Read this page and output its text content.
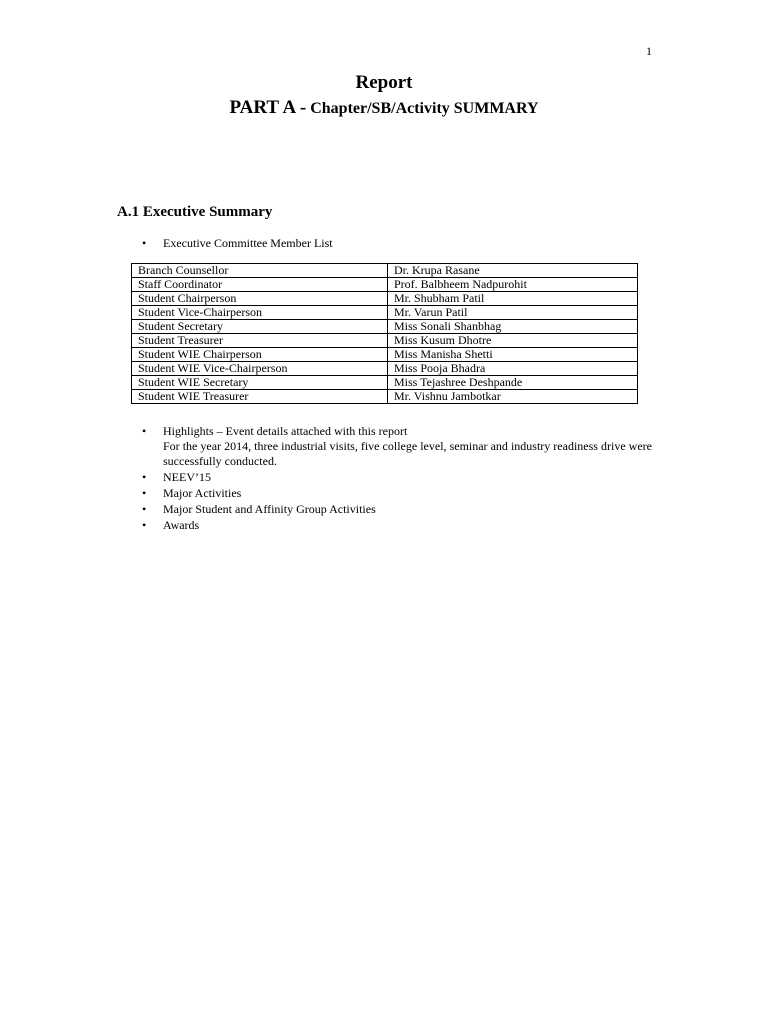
1
Report
PART A - Chapter/SB/Activity SUMMARY
A.1 Executive Summary
• Executive Committee Member List
Branch Counsellor	Dr. Krupa Rasane
Staff Coordinator	Prof. Balbheem Nadpurohit
Student Chairperson	Mr. Shubham Patil
Student Vice-Chairperson	Mr. Varun Patil
Student Secretary	Miss Sonali Shanbhag
Student Treasurer	Miss Kusum Dhotre
Student WIE Chairperson	Miss Manisha Shetti
Student WIE Vice-Chairperson	Miss Pooja Bhadra
Student WIE Secretary	Miss Tejashree Deshpande
Student WIE Treasurer	Mr. Vishnu Jambotkar
• Highlights – Event details attached with this report
For the year 2014, three industrial visits, five college level, seminar and industry readiness drive were successfully conducted.
• NEEV’15
• Major Activities
• Major Student and Affinity Group Activities
• Awards
